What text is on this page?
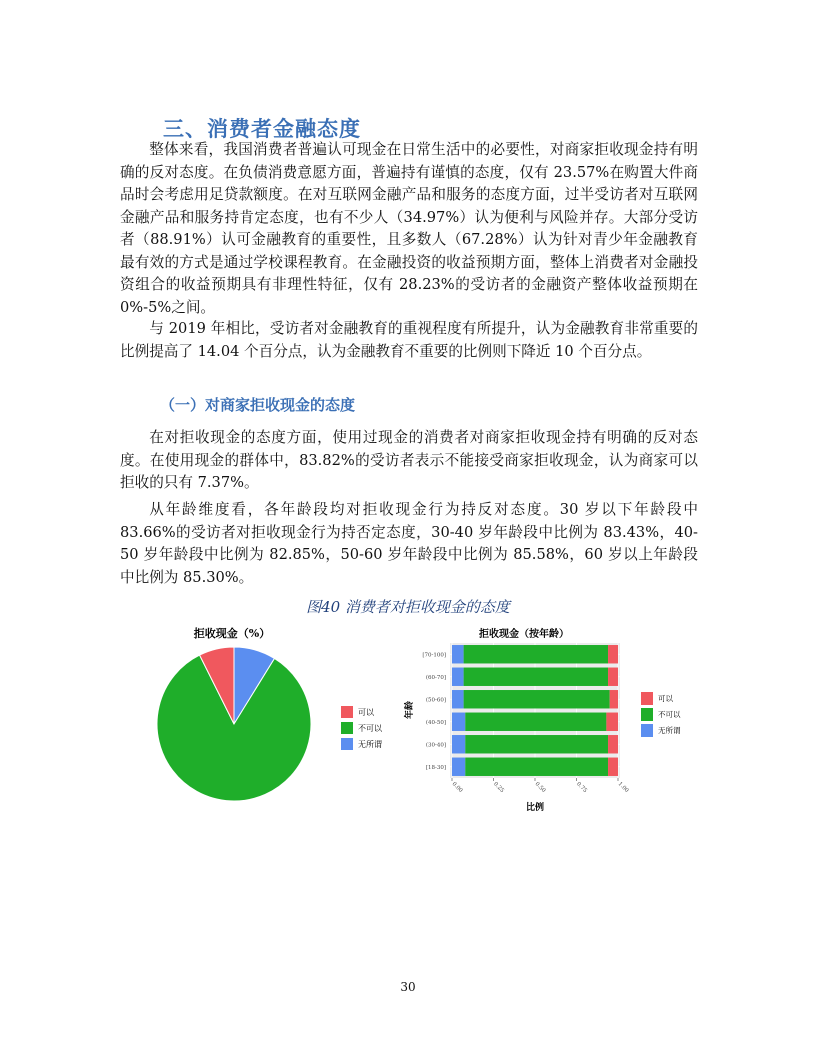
三、消费者金融态度

整体来看，我国消费者普遍认可现金在日常生活中的必要性，对商家拒收现金持有明确的反对态度。在负债消费意愿方面，普遍持有谨慎的态度，仅有 23.57%在购置大件商品时会考虑用足贷款额度。在对互联网金融产品和服务的态度方面，过半受访者对互联网金融产品和服务持肯定态度，也有不少人（34.97%）认为便利与风险并存。大部分受访者（88.91%）认可金融教育的重要性，且多数人（67.28%）认为针对青少年金融教育最有效的方式是通过学校课程教育。在金融投资的收益预期方面，整体上消费者对金融投资组合的收益预期具有非理性特征，仅有 28.23%的受访者的金融资产整体收益预期在 0%-5%之间。

与 2019 年相比，受访者对金融教育的重视程度有所提升，认为金融教育非常重要的比例提高了 14.04 个百分点，认为金融教育不重要的比例则下降近 10 个百分点。

（一）对商家拒收现金的态度

在对拒收现金的态度方面，使用过现金的消费者对商家拒收现金持有明确的反对态度。在使用现金的群体中，83.82%的受访者表示不能接受商家拒收现金，认为商家可以拒收的只有 7.37%。

从年龄维度看，各年龄段均对拒收现金行为持反对态度。30 岁以下年龄段中 83.66%的受访者对拒收现金行为持否定态度，30-40 岁年龄段中比例为 83.43%，40-50 岁年龄段中比例为 82.85%，50-60 岁年龄段中比例为 85.58%，60 岁以上年龄段中比例为 85.30%。

图40 消费者对拒收现金的态度

拒收现金（%）
可以
不可以
无所谓
拒收现金（按年龄）
[70-100]
(60-70]
(50-60]
(40-50]
(30-40]
[18-30]
0.00	0.25	0.50	0.75	1.00
比例
年龄
可以
不可以
无所谓
30
